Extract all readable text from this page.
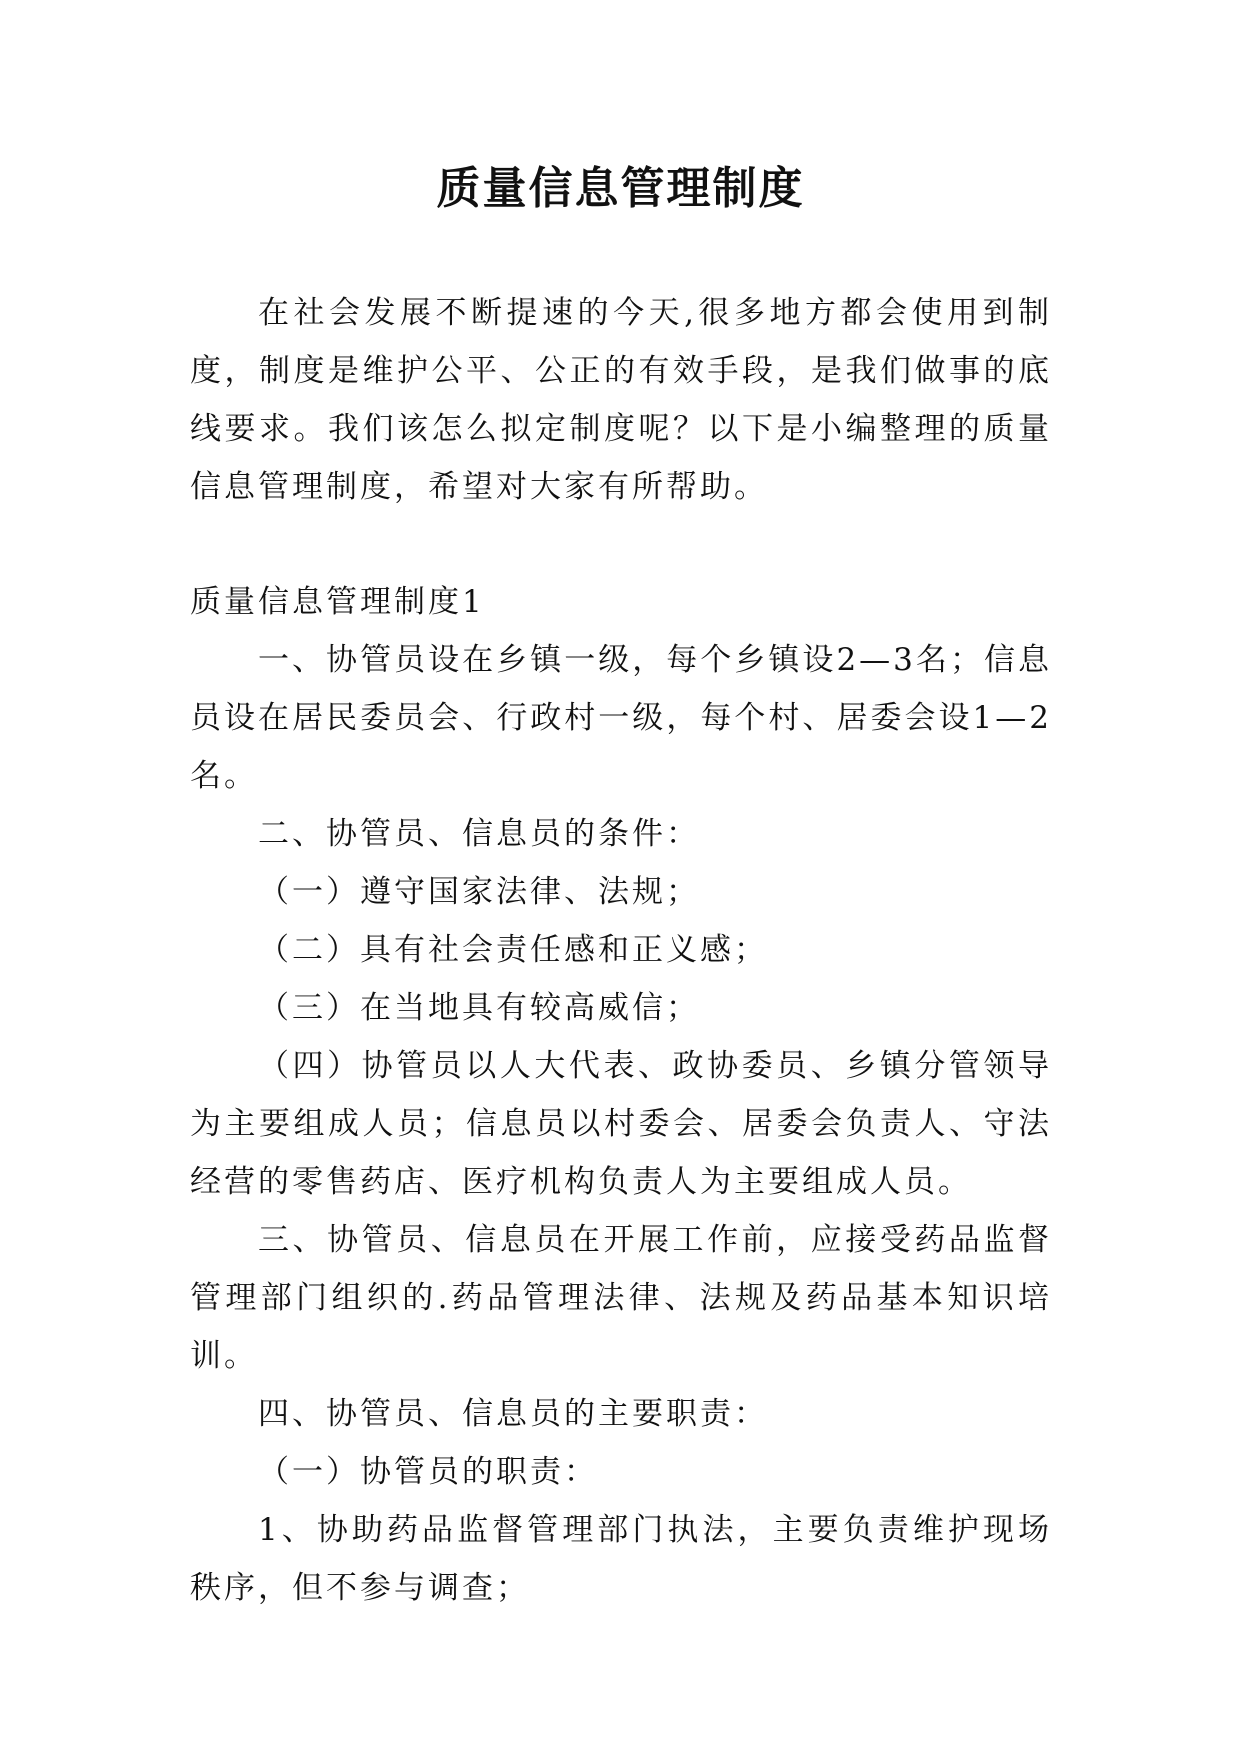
质量信息管理制度

在社会发展不断提速的今天,很多地方都会使用到制度，制度是维护公平、公正的有效手段，是我们做事的底线要求。我们该怎么拟定制度呢？以下是小编整理的质量信息管理制度，希望对大家有所帮助。

质量信息管理制度1

一、协管员设在乡镇一级，每个乡镇设2—3名；信息员设在居民委员会、行政村一级，每个村、居委会设1—2名。

二、协管员、信息员的条件：

（一）遵守国家法律、法规；

（二）具有社会责任感和正义感；

（三）在当地具有较高威信；

（四）协管员以人大代表、政协委员、乡镇分管领导为主要组成人员；信息员以村委会、居委会负责人、守法经营的零售药店、医疗机构负责人为主要组成人员。

三、协管员、信息员在开展工作前，应接受药品监督管理部门组织的.药品管理法律、法规及药品基本知识培训。

四、协管员、信息员的主要职责：

（一）协管员的职责：

1、协助药品监督管理部门执法，主要负责维护现场秩序，但不参与调查；
